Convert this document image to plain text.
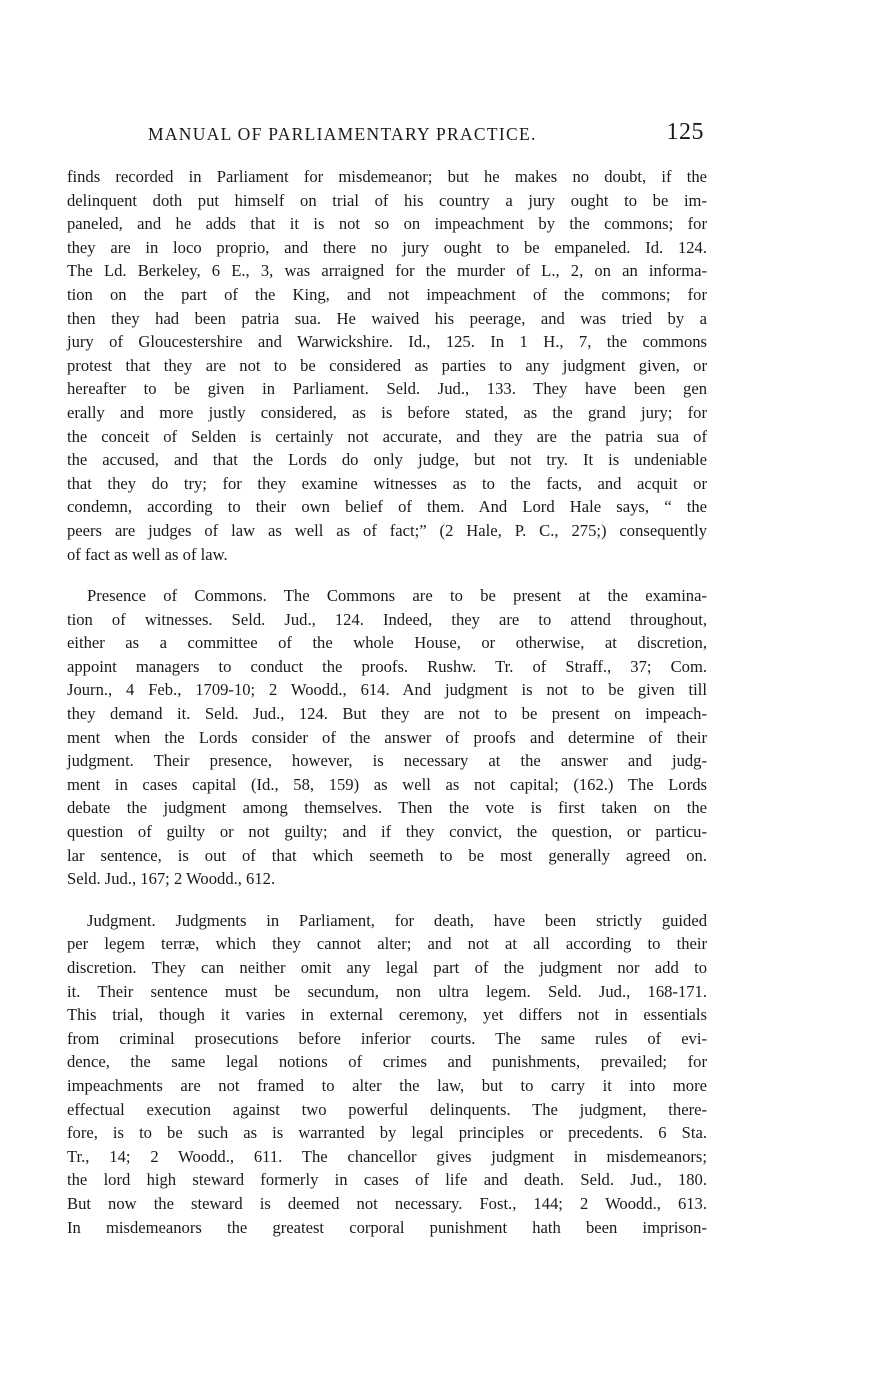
MANUAL OF PARLIAMENTARY PRACTICE.	125
finds recorded in Parliament for misdemeanor; but he makes no doubt, if the
delinquent doth put himself on trial of his country a jury ought to be im-
paneled, and he adds that it is not so on impeachment by the commons; for
they are in loco proprio, and there no jury ought to be empaneled. Id. 124.
The Ld. Berkeley, 6 E., 3, was arraigned for the murder of L., 2, on an informa-
tion on the part of the King, and not impeachment of the commons; for
then they had been patria sua. He waived his peerage, and was tried by a
jury of Gloucestershire and Warwickshire. Id., 125. In 1 H., 7, the commons
protest that they are not to be considered as parties to any judgment given, or
hereafter to be given in Parliament. Seld. Jud., 133. They have been gen
erally and more justly considered, as is before stated, as the grand jury; for
the conceit of Selden is certainly not accurate, and they are the patria sua of
the accused, and that the Lords do only judge, but not try. It is undeniable
that they do try; for they examine witnesses as to the facts, and acquit or
condemn, according to their own belief of them. And Lord Hale says, “ the
peers are judges of law as well as of fact;” (2 Hale, P. C., 275;) consequently
of fact as well as of law.
Presence of Commons. The Commons are to be present at the examina-
tion of witnesses. Seld. Jud., 124. Indeed, they are to attend throughout,
either as a committee of the whole House, or otherwise, at discretion,
appoint managers to conduct the proofs. Rushw. Tr. of Straff., 37; Com.
Journ., 4 Feb., 1709-10; 2 Woodd., 614. And judgment is not to be given till
they demand it. Seld. Jud., 124. But they are not to be present on impeach-
ment when the Lords consider of the answer of proofs and determine of their
judgment. Their presence, however, is necessary at the answer and judg-
ment in cases capital (Id., 58, 159) as well as not capital; (162.) The Lords
debate the judgment among themselves. Then the vote is first taken on the
question of guilty or not guilty; and if they convict, the question, or particu-
lar sentence, is out of that which seemeth to be most generally agreed on.
Seld. Jud., 167; 2 Woodd., 612.
Judgment. Judgments in Parliament, for death, have been strictly guided
per legem terræ, which they cannot alter; and not at all according to their
discretion. They can neither omit any legal part of the judgment nor add to
it. Their sentence must be secundum, non ultra legem. Seld. Jud., 168-171.
This trial, though it varies in external ceremony, yet differs not in essentials
from criminal prosecutions before inferior courts. The same rules of evi-
dence, the same legal notions of crimes and punishments, prevailed; for
impeachments are not framed to alter the law, but to carry it into more
effectual execution against two powerful delinquents. The judgment, there-
fore, is to be such as is warranted by legal principles or precedents. 6 Sta.
Tr., 14; 2 Woodd., 611. The chancellor gives judgment in misdemeanors;
the lord high steward formerly in cases of life and death. Seld. Jud., 180.
But now the steward is deemed not necessary. Fost., 144; 2 Woodd., 613.
In misdemeanors the greatest corporal punishment hath been imprison-
